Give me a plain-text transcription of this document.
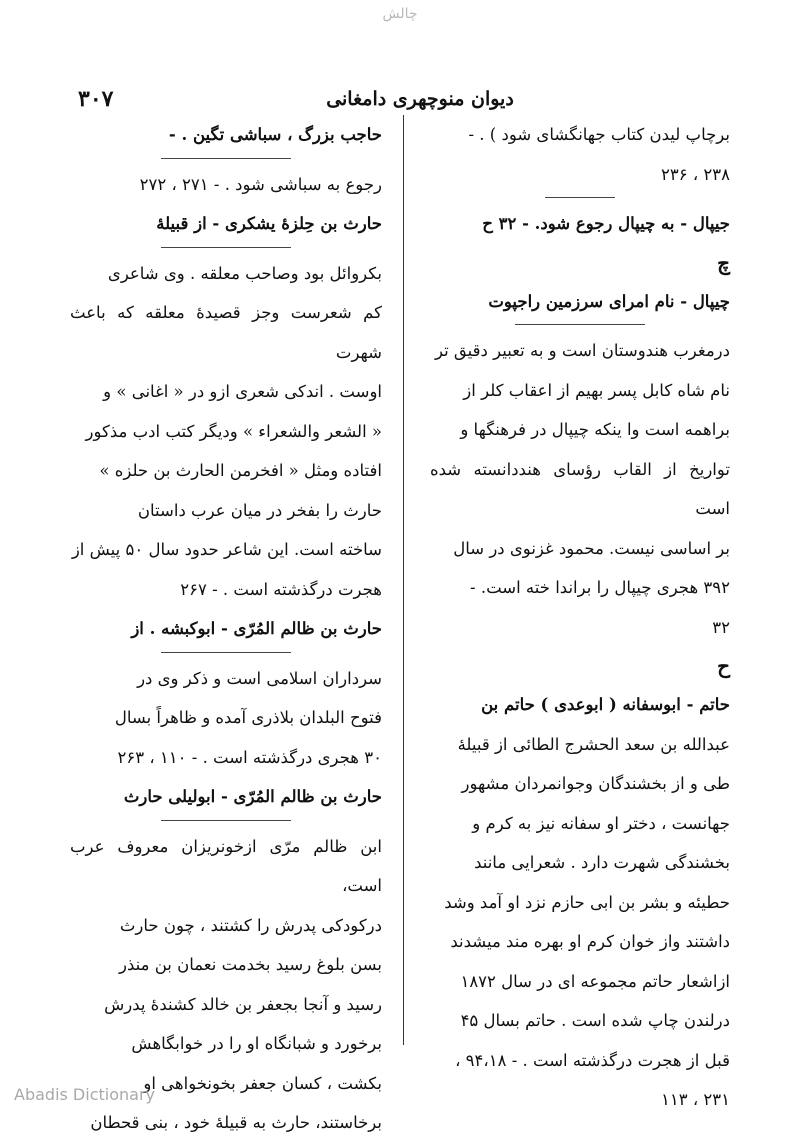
چالش
۳۰۷	دیوان منوچهری دامغانی

برچاپ لیدن کتاب جهانگشای شود ) . -

۲۳۸ ، ۲۳۶

جیپال - به چیپال رجوع شود. - ۳۲ ح

چ

چیپال - نام امرای سرزمین راجپوت

درمغرب هندوستان است و به تعبیر دقیق تر

نام شاه کابل پسر بهیم از اعقاب کلر از

براهمه است وا ینکه چیپال در فرهنگها و

تواریخ از القاب رؤسای هنددانسته شده است

بر اساسی نیست. محمود غزنوی در سال

۳۹۲ هجری چیپال را براندا خته است. -

۳۲

ح

حاتم - ابوسفانه ( ابوعدی ) حاتم بن

عبدالله بن سعد الحشرج الطائی از قبیلهٔ

طی و از بخشندگان وجوانمردان مشهور

جهانست ، دختر او سفانه نیز به کرم و

بخشندگی شهرت دارد . شعرایی مانند

حطیئه و بشر بن ابی حازم نزد او آمد وشد

داشتند واز خوان کرم او بهره مند میشدند

ازاشعار حاتم مجموعه ای در سال ۱۸۷۲

درلندن چاپ شده است . حاتم بسال ۴۵

قبل از هجرت درگذشته است . - ۹۴،۱۸ ،

۲۳۱ ، ۱۱۳

حاجب بزرگ ، سباشی تگین . -

رجوع به سباشی شود . - ۲۷۱ ، ۲۷۲

حارث بن حِلزهٔ یشکری - از قبیلهٔ

بکروائل بود وصاحب معلقه . وی شاعری

کم شعرست وجز قصیدهٔ معلقه که باعث شهرت

اوست . اندکی شعری ازو در « اغانی » و

« الشعر والشعراء » ودیگر کتب ادب مذکور

افتاده ومثل « افخرمن الحارث بن حلزه »

حارث را بفخر در میان عرب داستان

ساخته است. این شاعر حدود سال ۵۰ پیش از

هجرت درگذشته است . - ۲۶۷

حارث بن ظالم المُرّی - ابوکبشه . از

سرداران اسلامی است و ذکر وی در

فتوح البلدان بلاذری آمده و ظاهراً بسال

۳۰ هجری درگذشته است . - ۱۱۰ ، ۲۶۳

حارث بن ظالم المُرّی - ابولیلی حارث

ابن ظالم مرّی ازخونریزان معروف عرب است،

درکودکی پدرش را کشتند ، چون حارث

بسن بلوغ رسید بخدمت نعمان بن منذر

رسید و آنجا بجعفر بن خالد کشندهٔ پدرش

برخورد و شبانگاه او را در خوابگاهش

بکشت ، کسان جعفر بخونخواهی او

برخاستند، حارث به قبیلهٔ خود ، بنی قحطان

Abadis Dictionary
